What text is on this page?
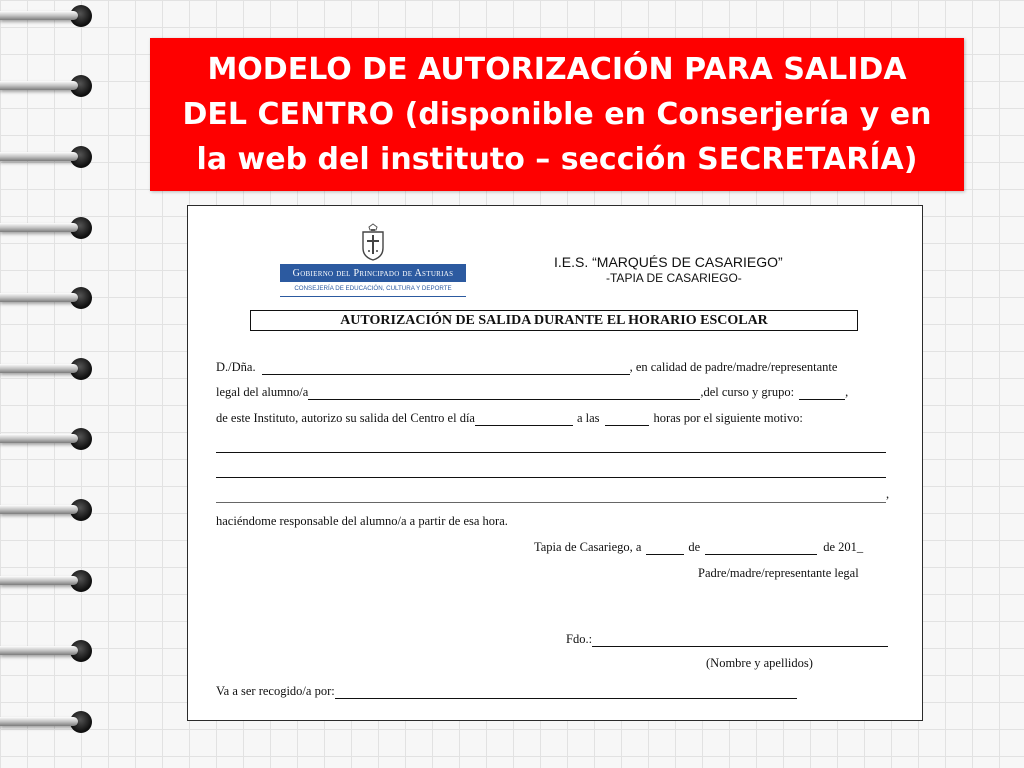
MODELO DE AUTORIZACIÓN PARA SALIDA DEL CENTRO (disponible en Conserjería y en la web del instituto – sección SECRETARÍA)
Gobierno del Principado de Asturias
CONSEJERÍA DE EDUCACIÓN, CULTURA Y DEPORTE
I.E.S. “MARQUÉS DE CASARIEGO”
-TAPIA DE CASARIEGO-
AUTORIZACIÓN DE SALIDA DURANTE EL HORARIO ESCOLAR
D./Dña.	, en calidad de padre/madre/representante
legal del alumno/a	,del curso y grupo:	,
de este Instituto, autorizo su salida del Centro el día	a las	horas por el siguiente motivo:
,
haciéndome responsable del alumno/a a partir de esa hora.
Tapia de Casariego, a	de	de 201_
Padre/madre/representante legal
Fdo.:
(Nombre y apellidos)
Va a ser recogido/a por:
